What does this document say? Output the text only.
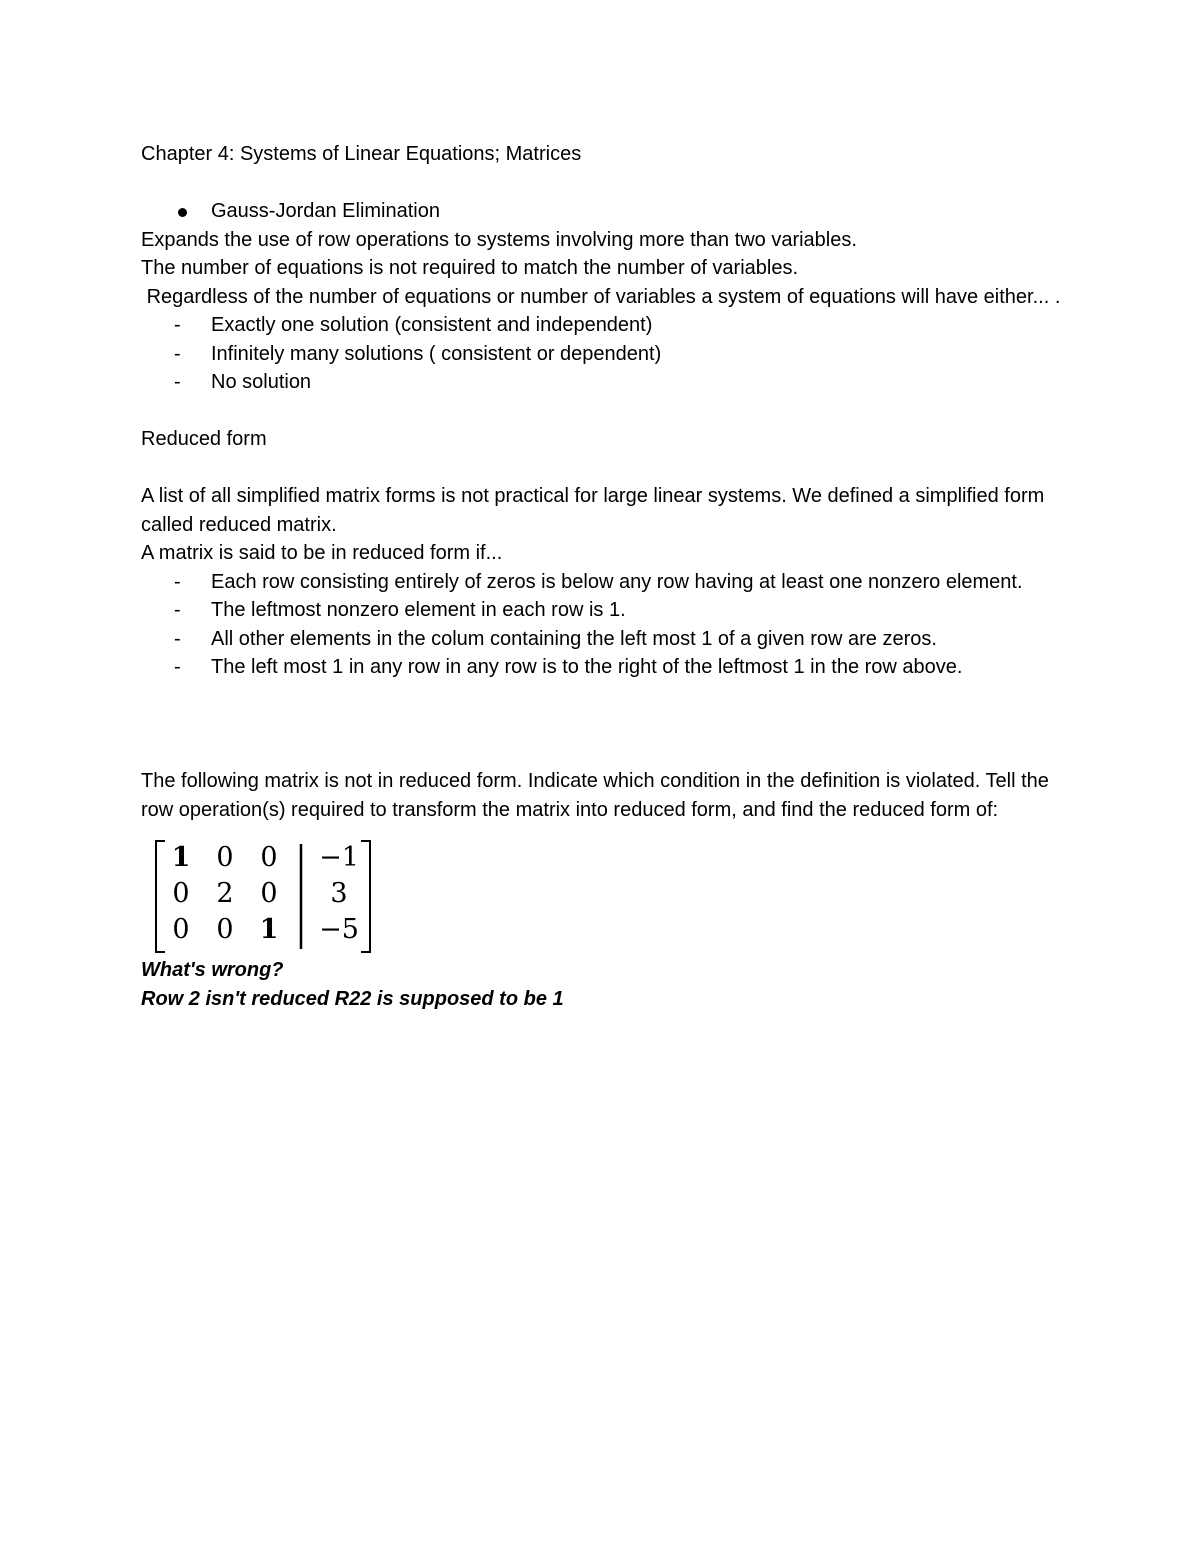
Chapter 4: Systems of Linear Equations; Matrices

Gauss-Jordan Elimination

Expands the use of row operations to systems involving more than two variables.

The number of equations is not required to match the number of variables.

Regardless of the number of equations or number of variables a system of equations will have either... .

- Exactly one solution (consistent and independent)
- Infinitely many solutions ( consistent or dependent)
- No solution

Reduced form

A list of all simplified matrix forms is not practical for large linear systems. We defined a simplified form called reduced matrix.

A matrix is said to be in reduced form if...

- Each row consisting entirely of zeros is below any row having at least one nonzero element.
- The leftmost nonzero element in each row is 1.
- All other elements in the colum containing the left most 1 of a given row are zeros.
- The left most 1 in any row in any row is to the right of the leftmost 1 in the row above.

The following matrix is not in reduced form. Indicate which condition in the definition is violated. Tell the row operation(s) required to transform the matrix into reduced form, and find the reduced form of:

1 0 0 −1
0 2 0 3
0 0 1 −5

What's wrong?

Row 2 isn't reduced R22 is supposed to be 1
